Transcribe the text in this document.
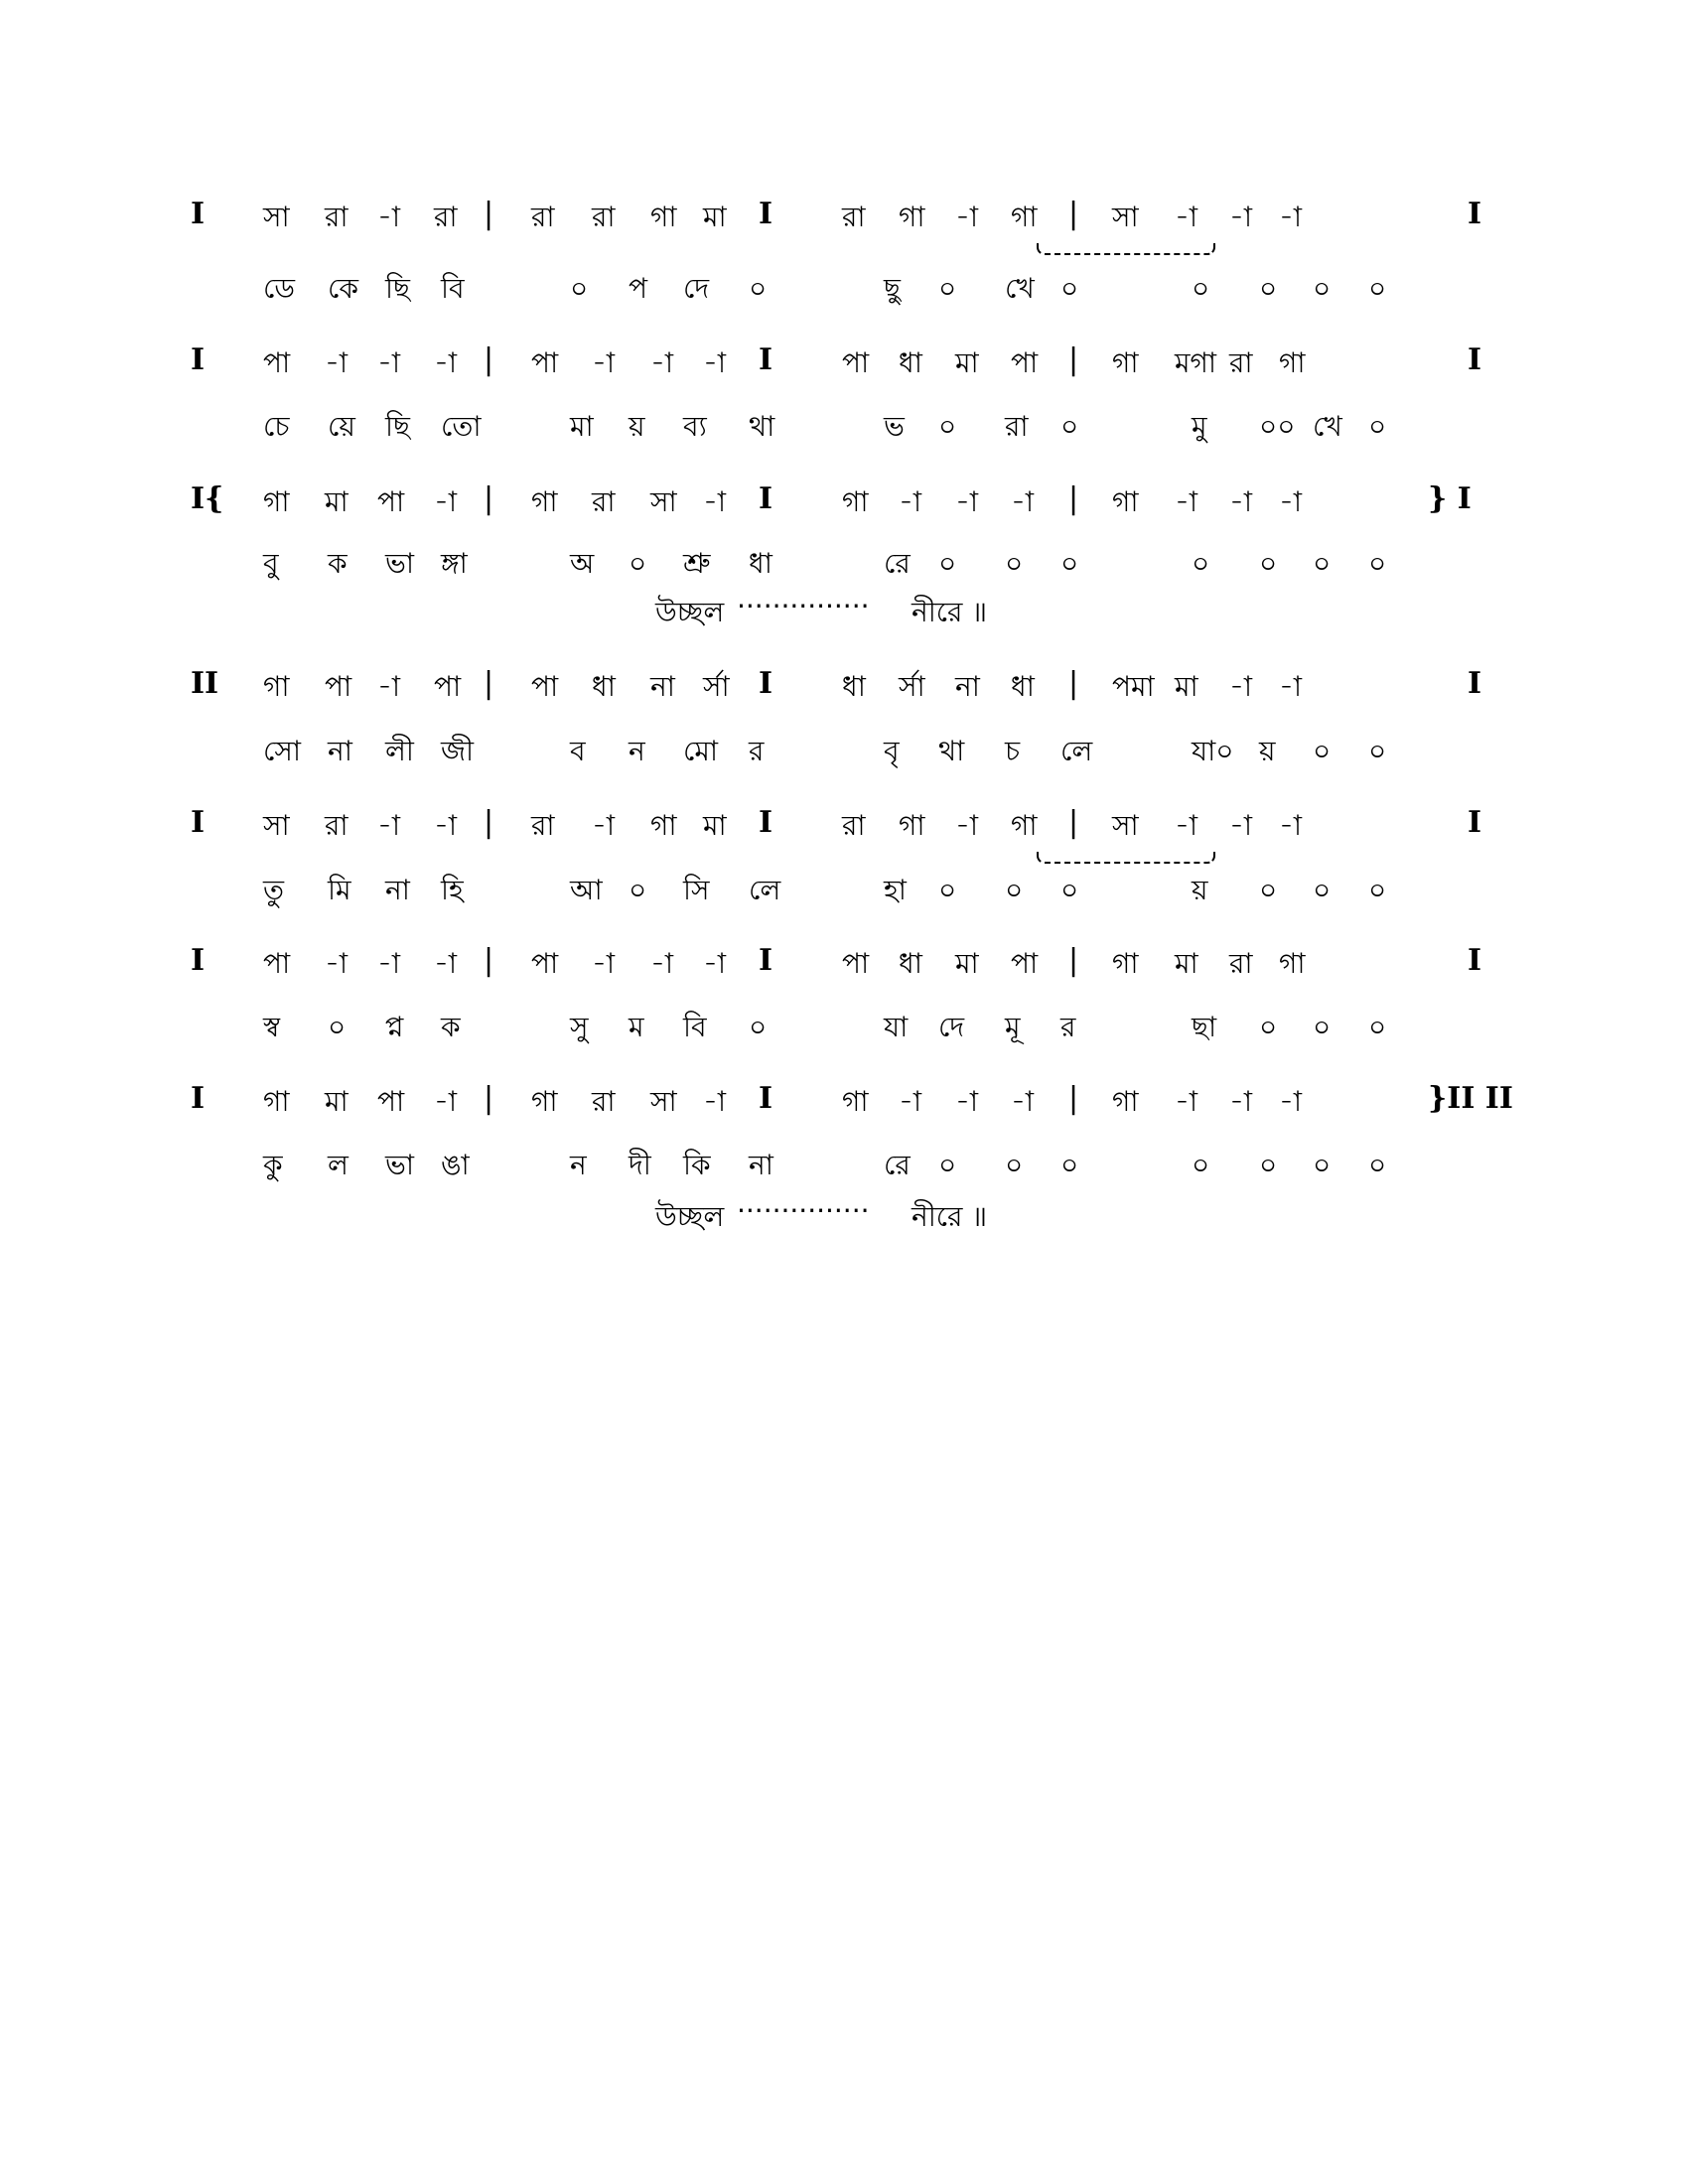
I সা রা -া রা | রা রা গা মা I রা গা -া গা | সা -া -া -া	I
ডে কে ছি বি	০ প দে ০	ছু ০ খে ০	০ ০ ০ ০
I পা -া -া -া | পা -া -া -া I পা ধা মা পা | গা মগা রা গা	I
চে য়ে ছি তো	মা য় ব্য থা	ভ ০ রা ০	মু ০০ খে ০
I{ গা মা পা -া | গা রা সা -া I গা -া -া -া | গা -া -া -া	} I
বু ক ভা ঙ্গা	অ ০ শ্রু ধা	রে ০ ০ ০	০ ০ ০ ০
উচ্ছল ··············· নীরে ॥
II গা পা -া পা | পা ধা না র্সা I ধা র্সা না ধা | পমা মা -া -া	I
সো না লী জী	ব ন মো র	বৃ থা চ লে	যা০ য় ০ ০
I সা রা -া -া | রা -া গা মা I রা গা -া গা | সা -া -া -া	I
তু মি না হি	আ ০ সি লে	হা ০ ০ ০	য় ০ ০ ০
I পা -া -া -া | পা -া -া -া I পা ধা মা পা | গা মা রা গা	I
স্ব ০ প্ন ক	সু ম বি ০	যা দে মূ র	ছা ০ ০ ০
I গা মা পা -া | গা রা সা -া I গা -া -া -া | গা -া -া -া	}II II
কু ল ভা ঙা	ন দী কি না	রে ০ ০ ০	০ ০ ০ ০
উচ্ছল ··············· নীরে ॥
